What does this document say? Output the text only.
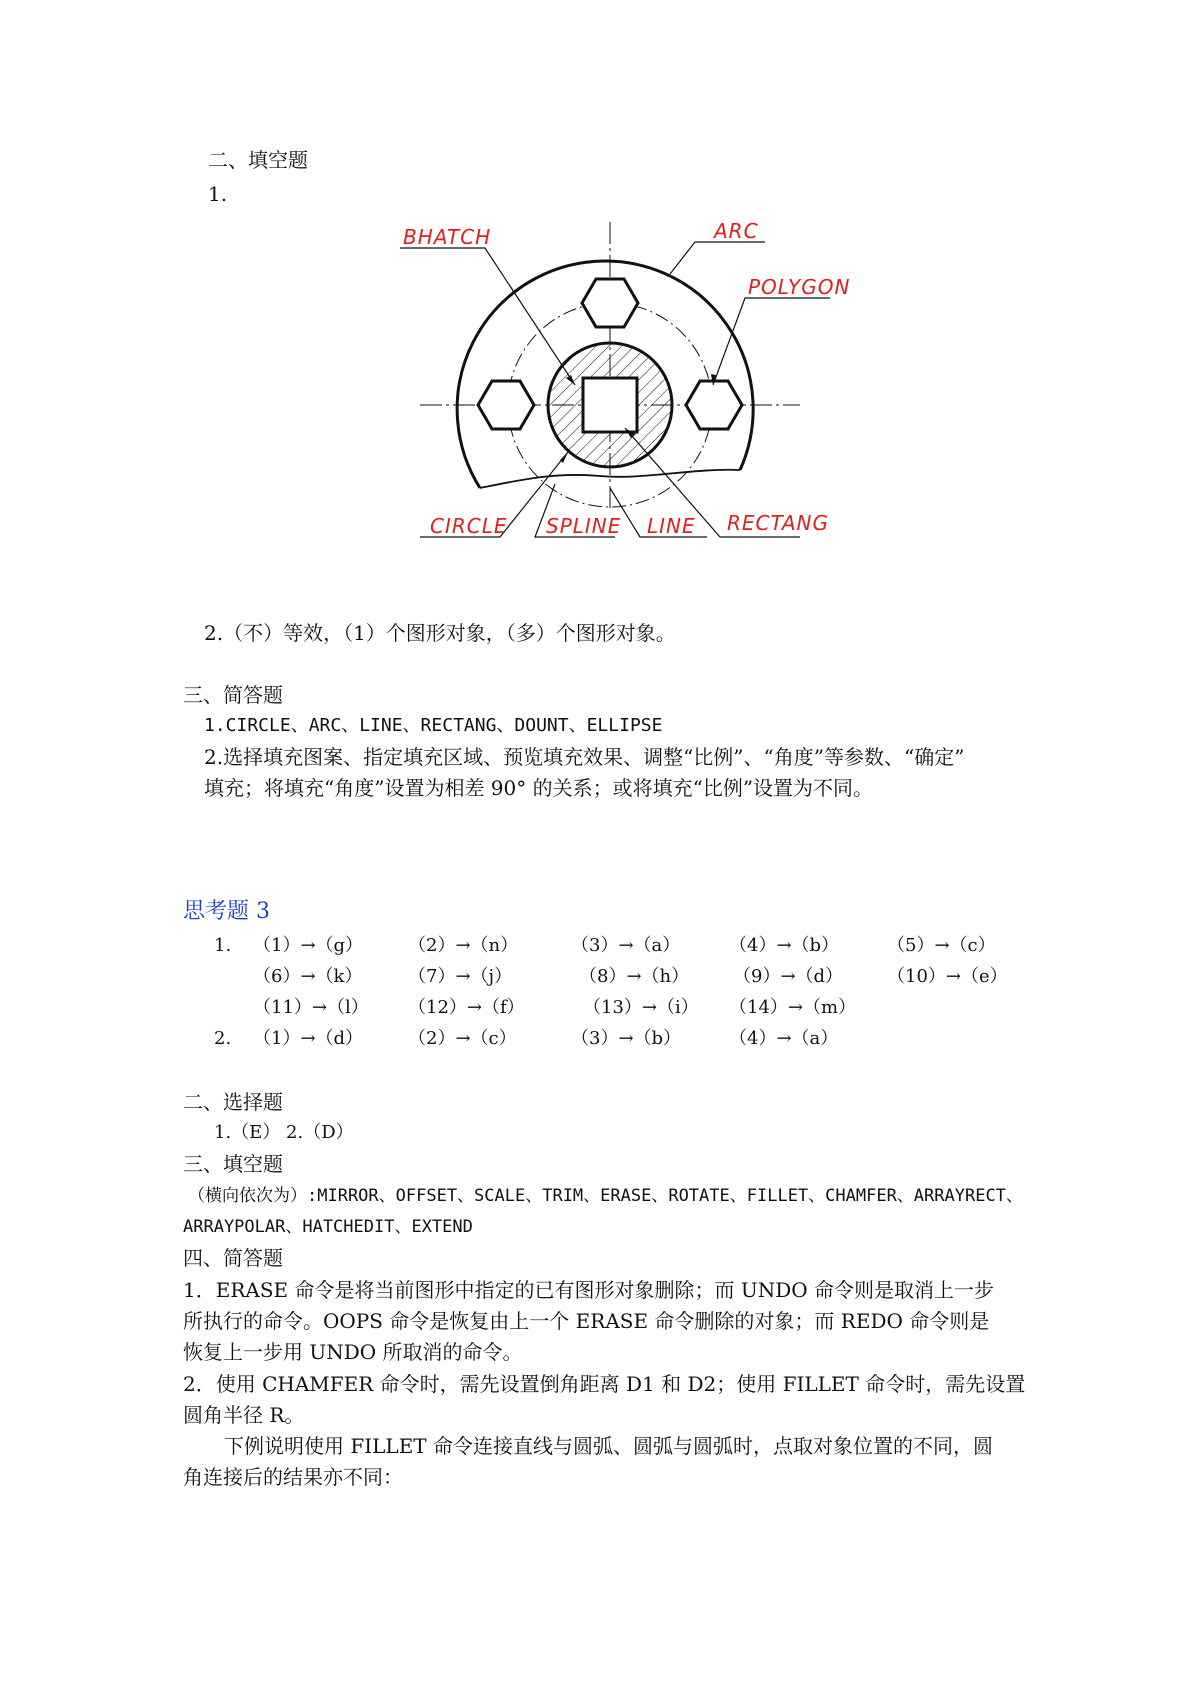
二、填空题
1.
BHATCH	ARC
POLYGON
CIRCLE SPLINE LINE RECTANG
2.（不）等效，（1）个图形对象，（多）个图形对象。
三、简答题
1.CIRCLE、ARC、LINE、RECTANG、DOUNT、ELLIPSE
2.选择填充图案、指定填充区域、预览填充效果、调整“比例”、“角度”等参数、“确定”
填充；将填充“角度”设置为相差 90° 的关系；或将填充“比例”设置为不同。
思考题 3
1. （1）→（g） （2）→（n）	（3）→（a）	（4）→（b）	（5）→（c）
（6）→（k）	（7）→（j）	（8）→（h） （9）→（d） （10）→（e）
（11）→（l） （12）→（f）	（13）→（i） （14）→（m）
2. （1）→（d） （2）→（c）	（3）→（b）	（4）→（a）
二、选择题
1.（E） 2.（D）
三、填空题
（横向依次为）:MIRROR、OFFSET、SCALE、TRIM、ERASE、ROTATE、FILLET、CHAMFER、ARRAYRECT、
ARRAYPOLAR、HATCHEDIT、EXTEND
四、简答题
1．ERASE 命令是将当前图形中指定的已有图形对象删除；而 UNDO 命令则是取消上一步
所执行的命令。OOPS 命令是恢复由上一个 ERASE 命令删除的对象；而 REDO 命令则是
恢复上一步用 UNDO 所取消的命令。
2．使用 CHAMFER 命令时，需先设置倒角距离 D1 和 D2；使用 FILLET 命令时，需先设置
圆角半径 R。
下例说明使用 FILLET 命令连接直线与圆弧、圆弧与圆弧时，点取对象位置的不同，圆
角连接后的结果亦不同：
